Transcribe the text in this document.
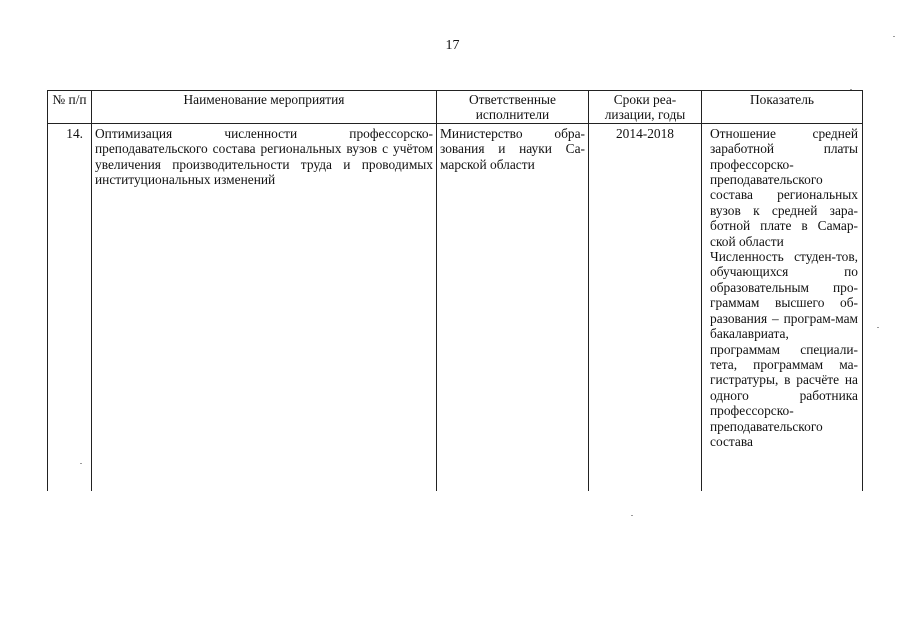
17
№ п/п	Наименование мероприятия	Ответственные исполнители	Сроки реа-лизации, годы	Показатель
14.	Оптимизация численности профессорско-преподавательского состава региональных вузов с учётом увеличения производительности труда и проводимых институциональных изменений	Министерство обра-зования и науки Са-марской области	2014-2018	Отношение средней заработной платы профессорско-преподавательского состава региональных вузов к средней зара-ботной плате в Самар-ской области
Численность студен-тов, обучающихся по образовательным про-граммам высшего об-разования – програм-мам бакалавриата, программам специали-тета, программам ма-гистратуры, в расчёте на одного работника профессорско-преподавательского состава
